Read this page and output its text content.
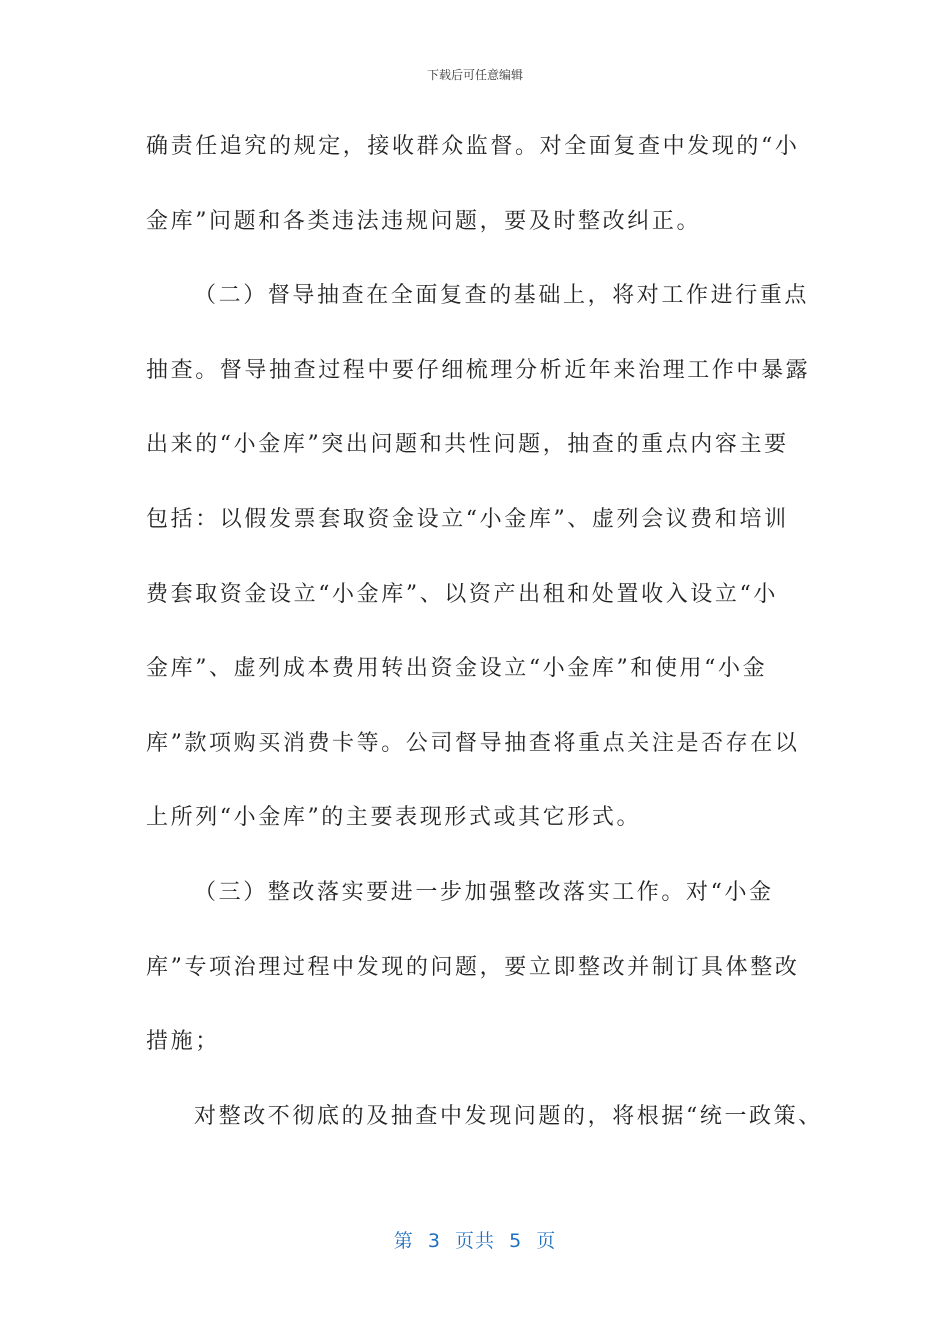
下载后可任意编辑
确责任追究的规定，接收群众监督。对全面复查中发现的“小
金库”问题和各类违法违规问题，要及时整改纠正。
（二）督导抽查在全面复查的基础上，将对工作进行重点
抽查。督导抽查过程中要仔细梳理分析近年来治理工作中暴露
出来的“小金库”突出问题和共性问题，抽查的重点内容主要
包括：以假发票套取资金设立“小金库”、虚列会议费和培训
费套取资金设立“小金库”、以资产出租和处置收入设立“小
金库”、虚列成本费用转出资金设立“小金库”和使用“小金
库”款项购买消费卡等。公司督导抽查将重点关注是否存在以
上所列“小金库”的主要表现形式或其它形式。
（三）整改落实要进一步加强整改落实工作。对“小金
库”专项治理过程中发现的问题，要立即整改并制订具体整改
措施；
对整改不彻底的及抽查中发现问题的，将根据“统一政策、
第  3  页共  5  页
